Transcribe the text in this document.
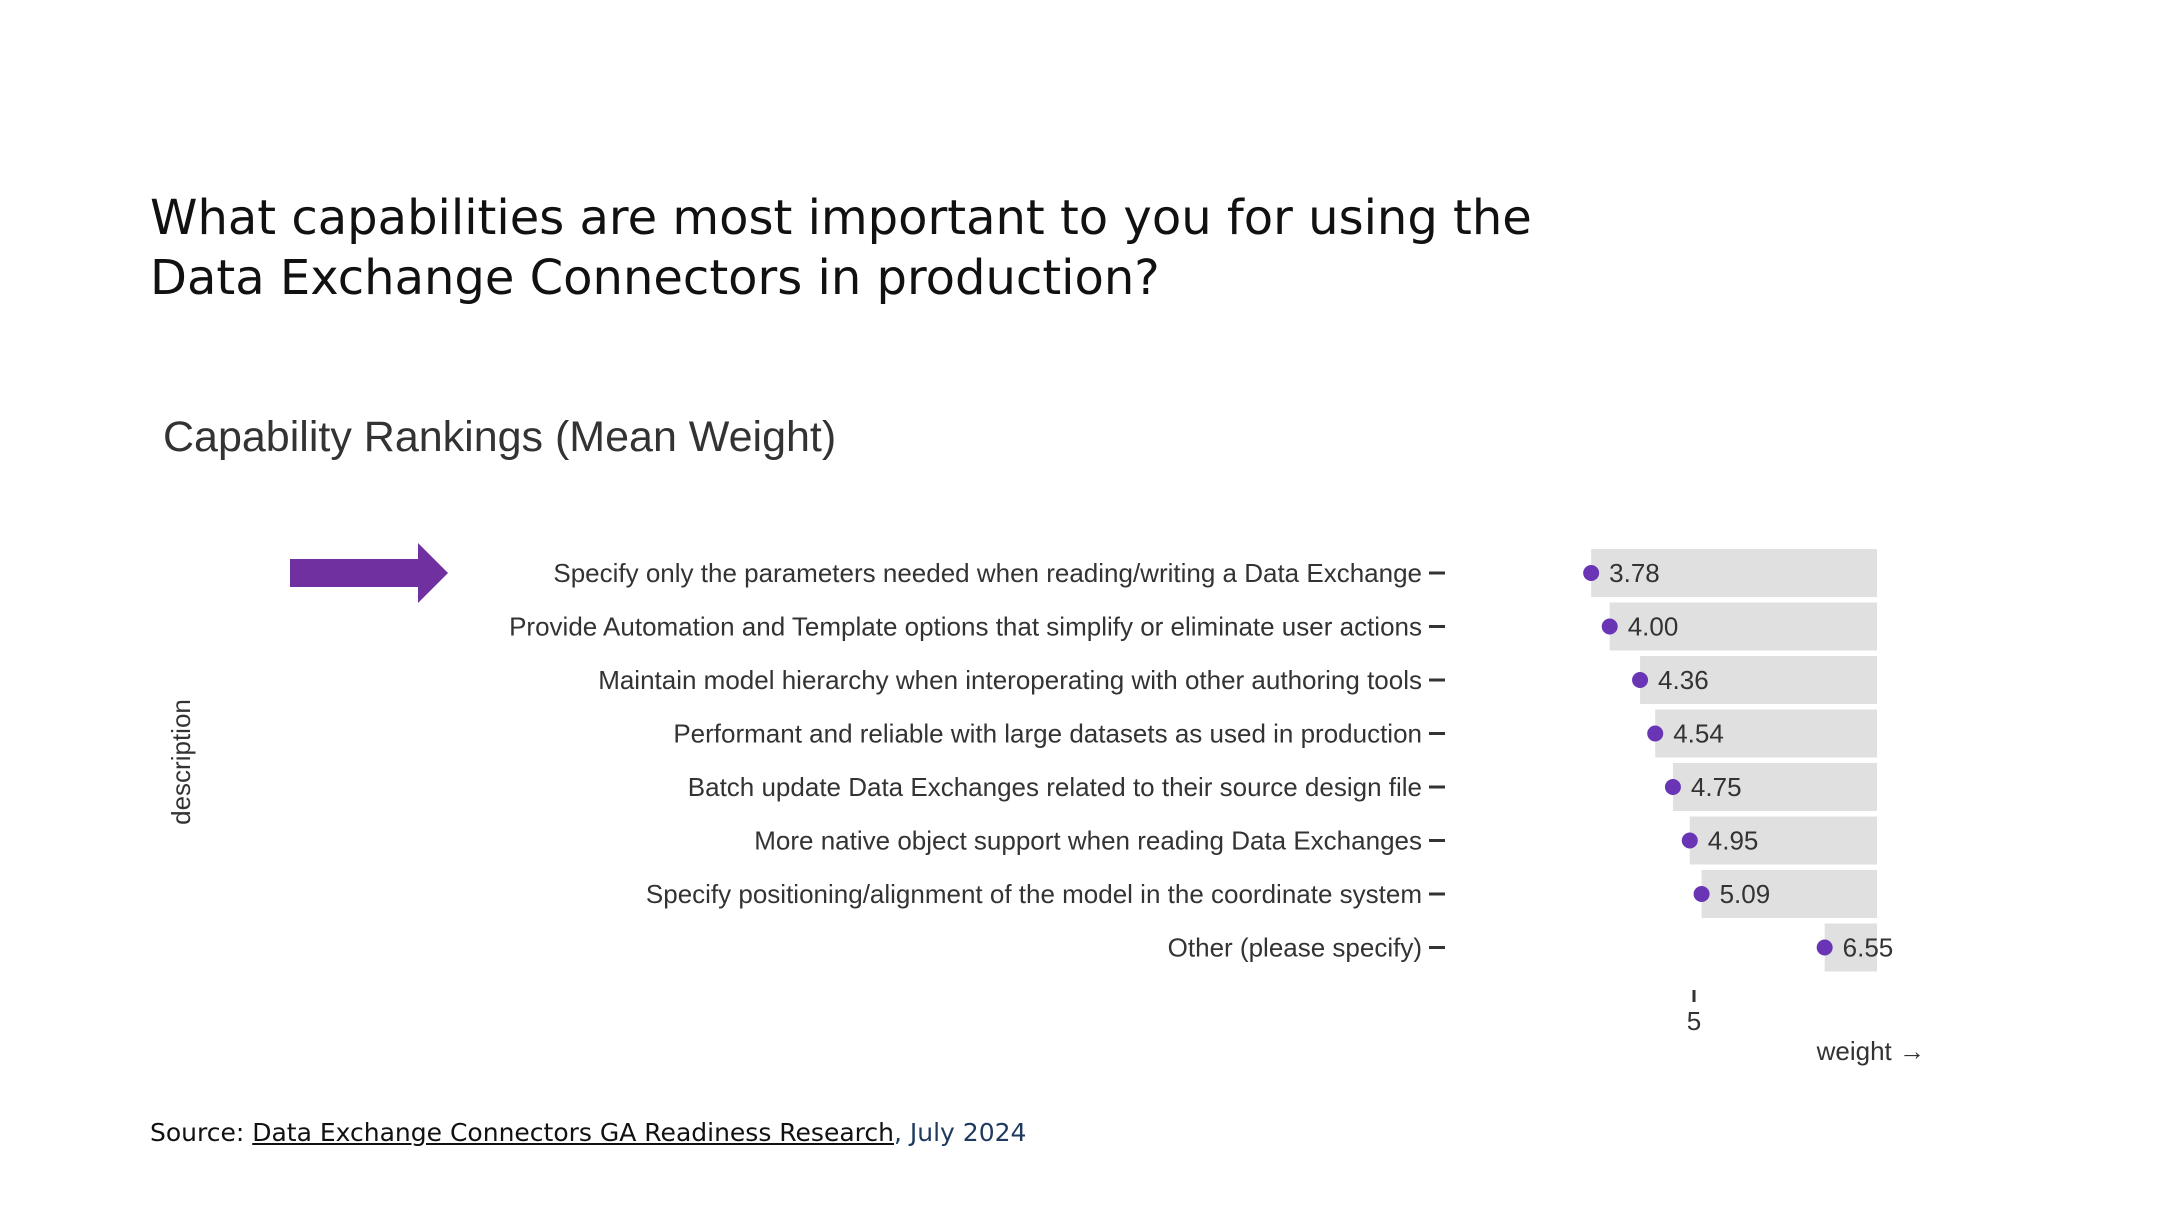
What capabilities are most important to you for using the
Data Exchange Connectors in production?
Capability Rankings (Mean Weight)
3.78
4.00
4.36
4.54
4.75
4.95
5.09
6.55
Specify only the parameters needed when reading/writing a Data Exchange
Provide Automation and Template options that simplify or eliminate user actions
Maintain model hierarchy when interoperating with other authoring tools
Performant and reliable with large datasets as used in production
Batch update Data Exchanges related to their source design file
More native object support when reading Data Exchanges
Specify positioning/alignment of the model in the coordinate system
Other (please specify)
description
5
weight →
Source: Data Exchange Connectors GA Readiness Research, July 2024
